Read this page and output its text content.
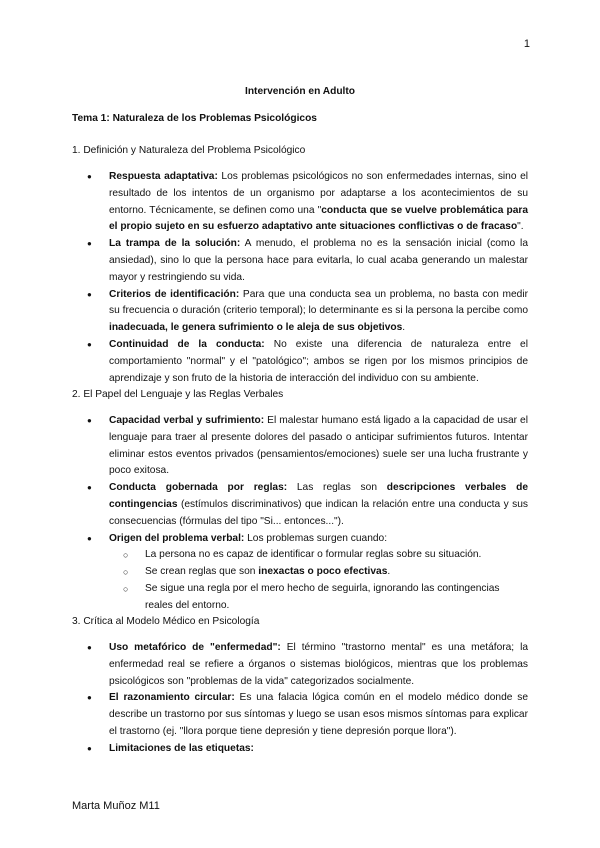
1
Intervención en Adulto
Tema 1: Naturaleza de los Problemas Psicológicos
1. Definición y Naturaleza del Problema Psicológico
● Respuesta adaptativa: Los problemas psicológicos no son enfermedades internas, sino el resultado de los intentos de un organismo por adaptarse a los acontecimientos de su entorno. Técnicamente, se definen como una "conducta que se vuelve problemática para el propio sujeto en su esfuerzo adaptativo ante situaciones conflictivas o de fracaso".
● La trampa de la solución: A menudo, el problema no es la sensación inicial (como la ansiedad), sino lo que la persona hace para evitarla, lo cual acaba generando un malestar mayor y restringiendo su vida.
● Criterios de identificación: Para que una conducta sea un problema, no basta con medir su frecuencia o duración (criterio temporal); lo determinante es si la persona la percibe como inadecuada, le genera sufrimiento o le aleja de sus objetivos.
● Continuidad de la conducta: No existe una diferencia de naturaleza entre el comportamiento "normal" y el "patológico"; ambos se rigen por los mismos principios de aprendizaje y son fruto de la historia de interacción del individuo con su ambiente.
2. El Papel del Lenguaje y las Reglas Verbales
● Capacidad verbal y sufrimiento: El malestar humano está ligado a la capacidad de usar el lenguaje para traer al presente dolores del pasado o anticipar sufrimientos futuros. Intentar eliminar estos eventos privados (pensamientos/emociones) suele ser una lucha frustrante y poco exitosa.
● Conducta gobernada por reglas: Las reglas son descripciones verbales de contingencias (estímulos discriminativos) que indican la relación entre una conducta y sus consecuencias (fórmulas del tipo "Si... entonces...").
● Origen del problema verbal: Los problemas surgen cuando:
○ La persona no es capaz de identificar o formular reglas sobre su situación.
○ Se crean reglas que son inexactas o poco efectivas.
○ Se sigue una regla por el mero hecho de seguirla, ignorando las contingencias reales del entorno.
3. Crítica al Modelo Médico en Psicología
● Uso metafórico de "enfermedad": El término "trastorno mental" es una metáfora; la enfermedad real se refiere a órganos o sistemas biológicos, mientras que los problemas psicológicos son "problemas de la vida" categorizados socialmente.
● El razonamiento circular: Es una falacia lógica común en el modelo médico donde se describe un trastorno por sus síntomas y luego se usan esos mismos síntomas para explicar el trastorno (ej. "llora porque tiene depresión y tiene depresión porque llora").
● Limitaciones de las etiquetas:
Marta Muñoz M11
